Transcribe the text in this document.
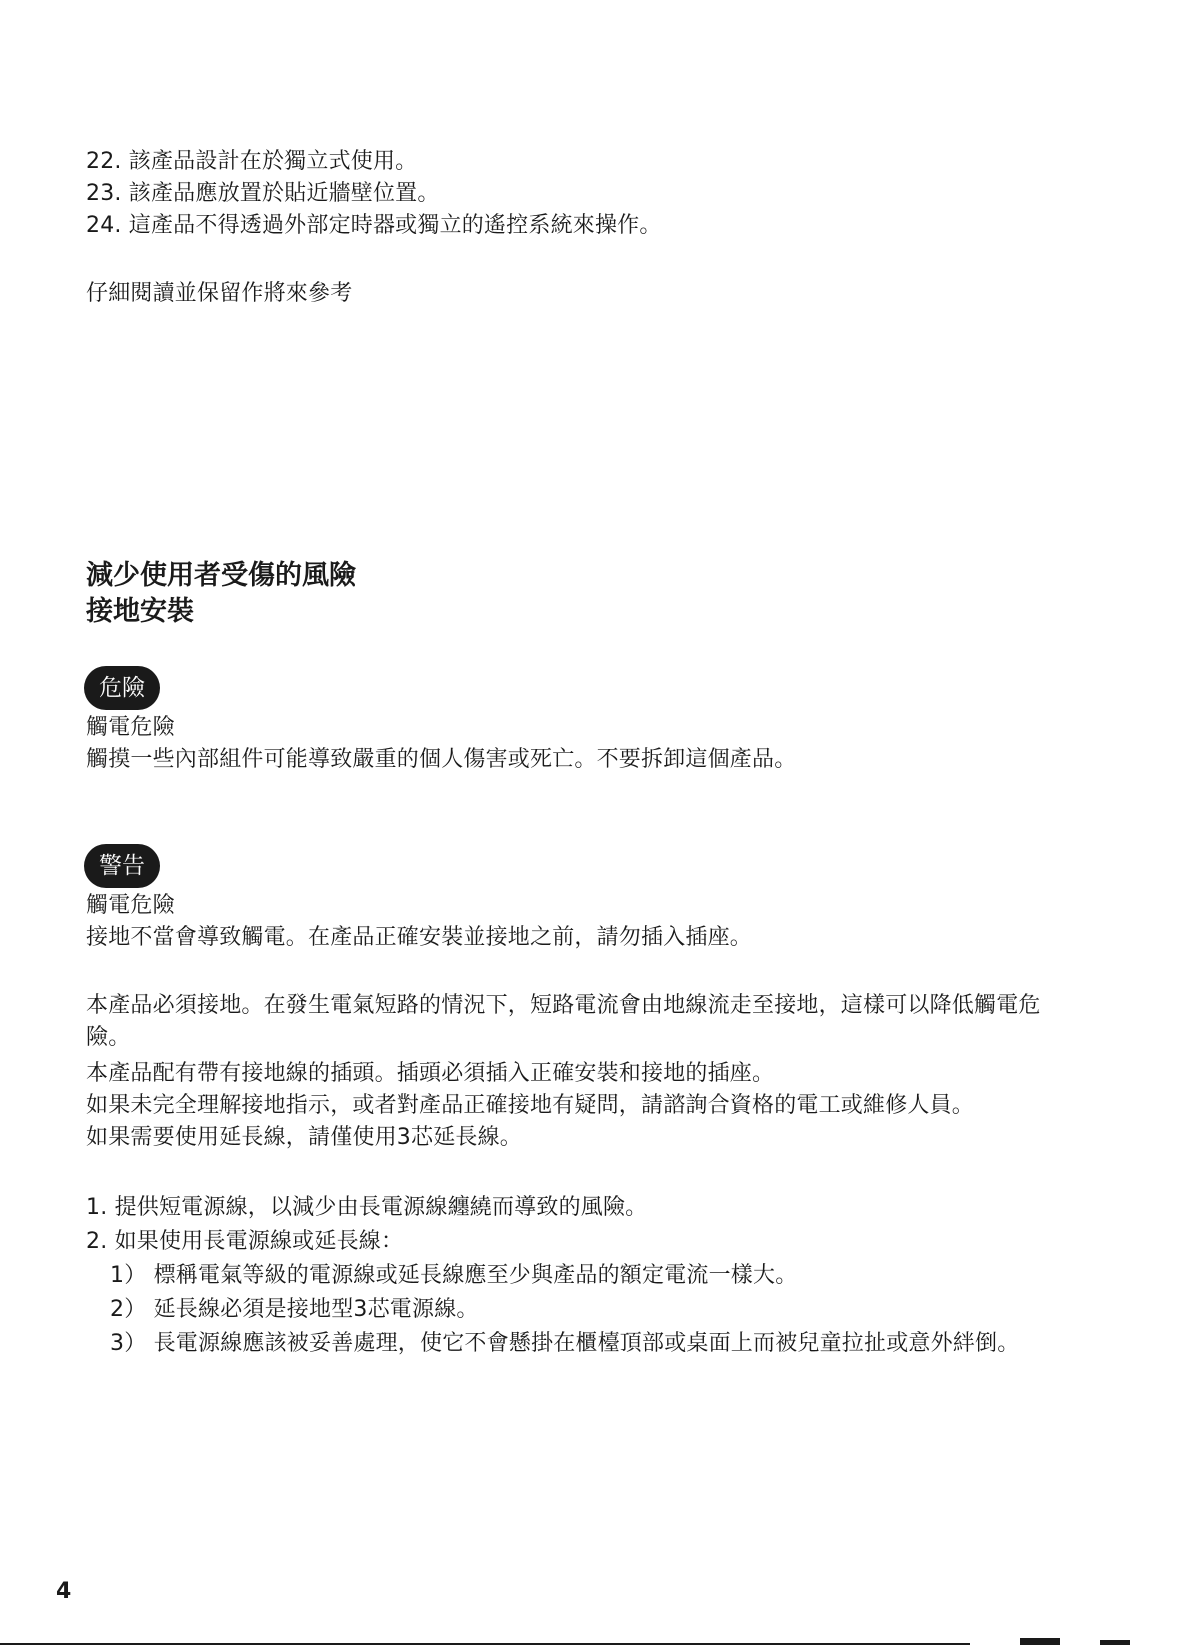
22. 該產品設計在於獨立式使用。
23. 該產品應放置於貼近牆壁位置。
24. 這產品不得透過外部定時器或獨立的遙控系統來操作。
仔細閱讀並保留作將來參考
減少使用者受傷的風險
接地安裝
危險
觸電危險
觸摸一些內部組件可能導致嚴重的個人傷害或死亡。不要拆卸這個產品。
警告
觸電危險
接地不當會導致觸電。在產品正確安裝並接地之前，請勿插入插座。
本產品必須接地。在發生電氣短路的情況下，短路電流會由地線流走至接地，這樣可以降低觸電危
險。
本產品配有帶有接地線的插頭。插頭必須插入正確安裝和接地的插座。
如果未完全理解接地指示，或者對產品正確接地有疑問，請諮詢合資格的電工或維修人員。
如果需要使用延長線，請僅使用3芯延長線。
1. 提供短電源線，以減少由長電源線纏繞而導致的風險。
2. 如果使用長電源線或延長線：
1） 標稱電氣等級的電源線或延長線應至少與產品的額定電流一樣大。
2） 延長線必須是接地型3芯電源線。
3） 長電源線應該被妥善處理，使它不會懸掛在櫃檯頂部或桌面上而被兒童拉扯或意外絆倒。
4
